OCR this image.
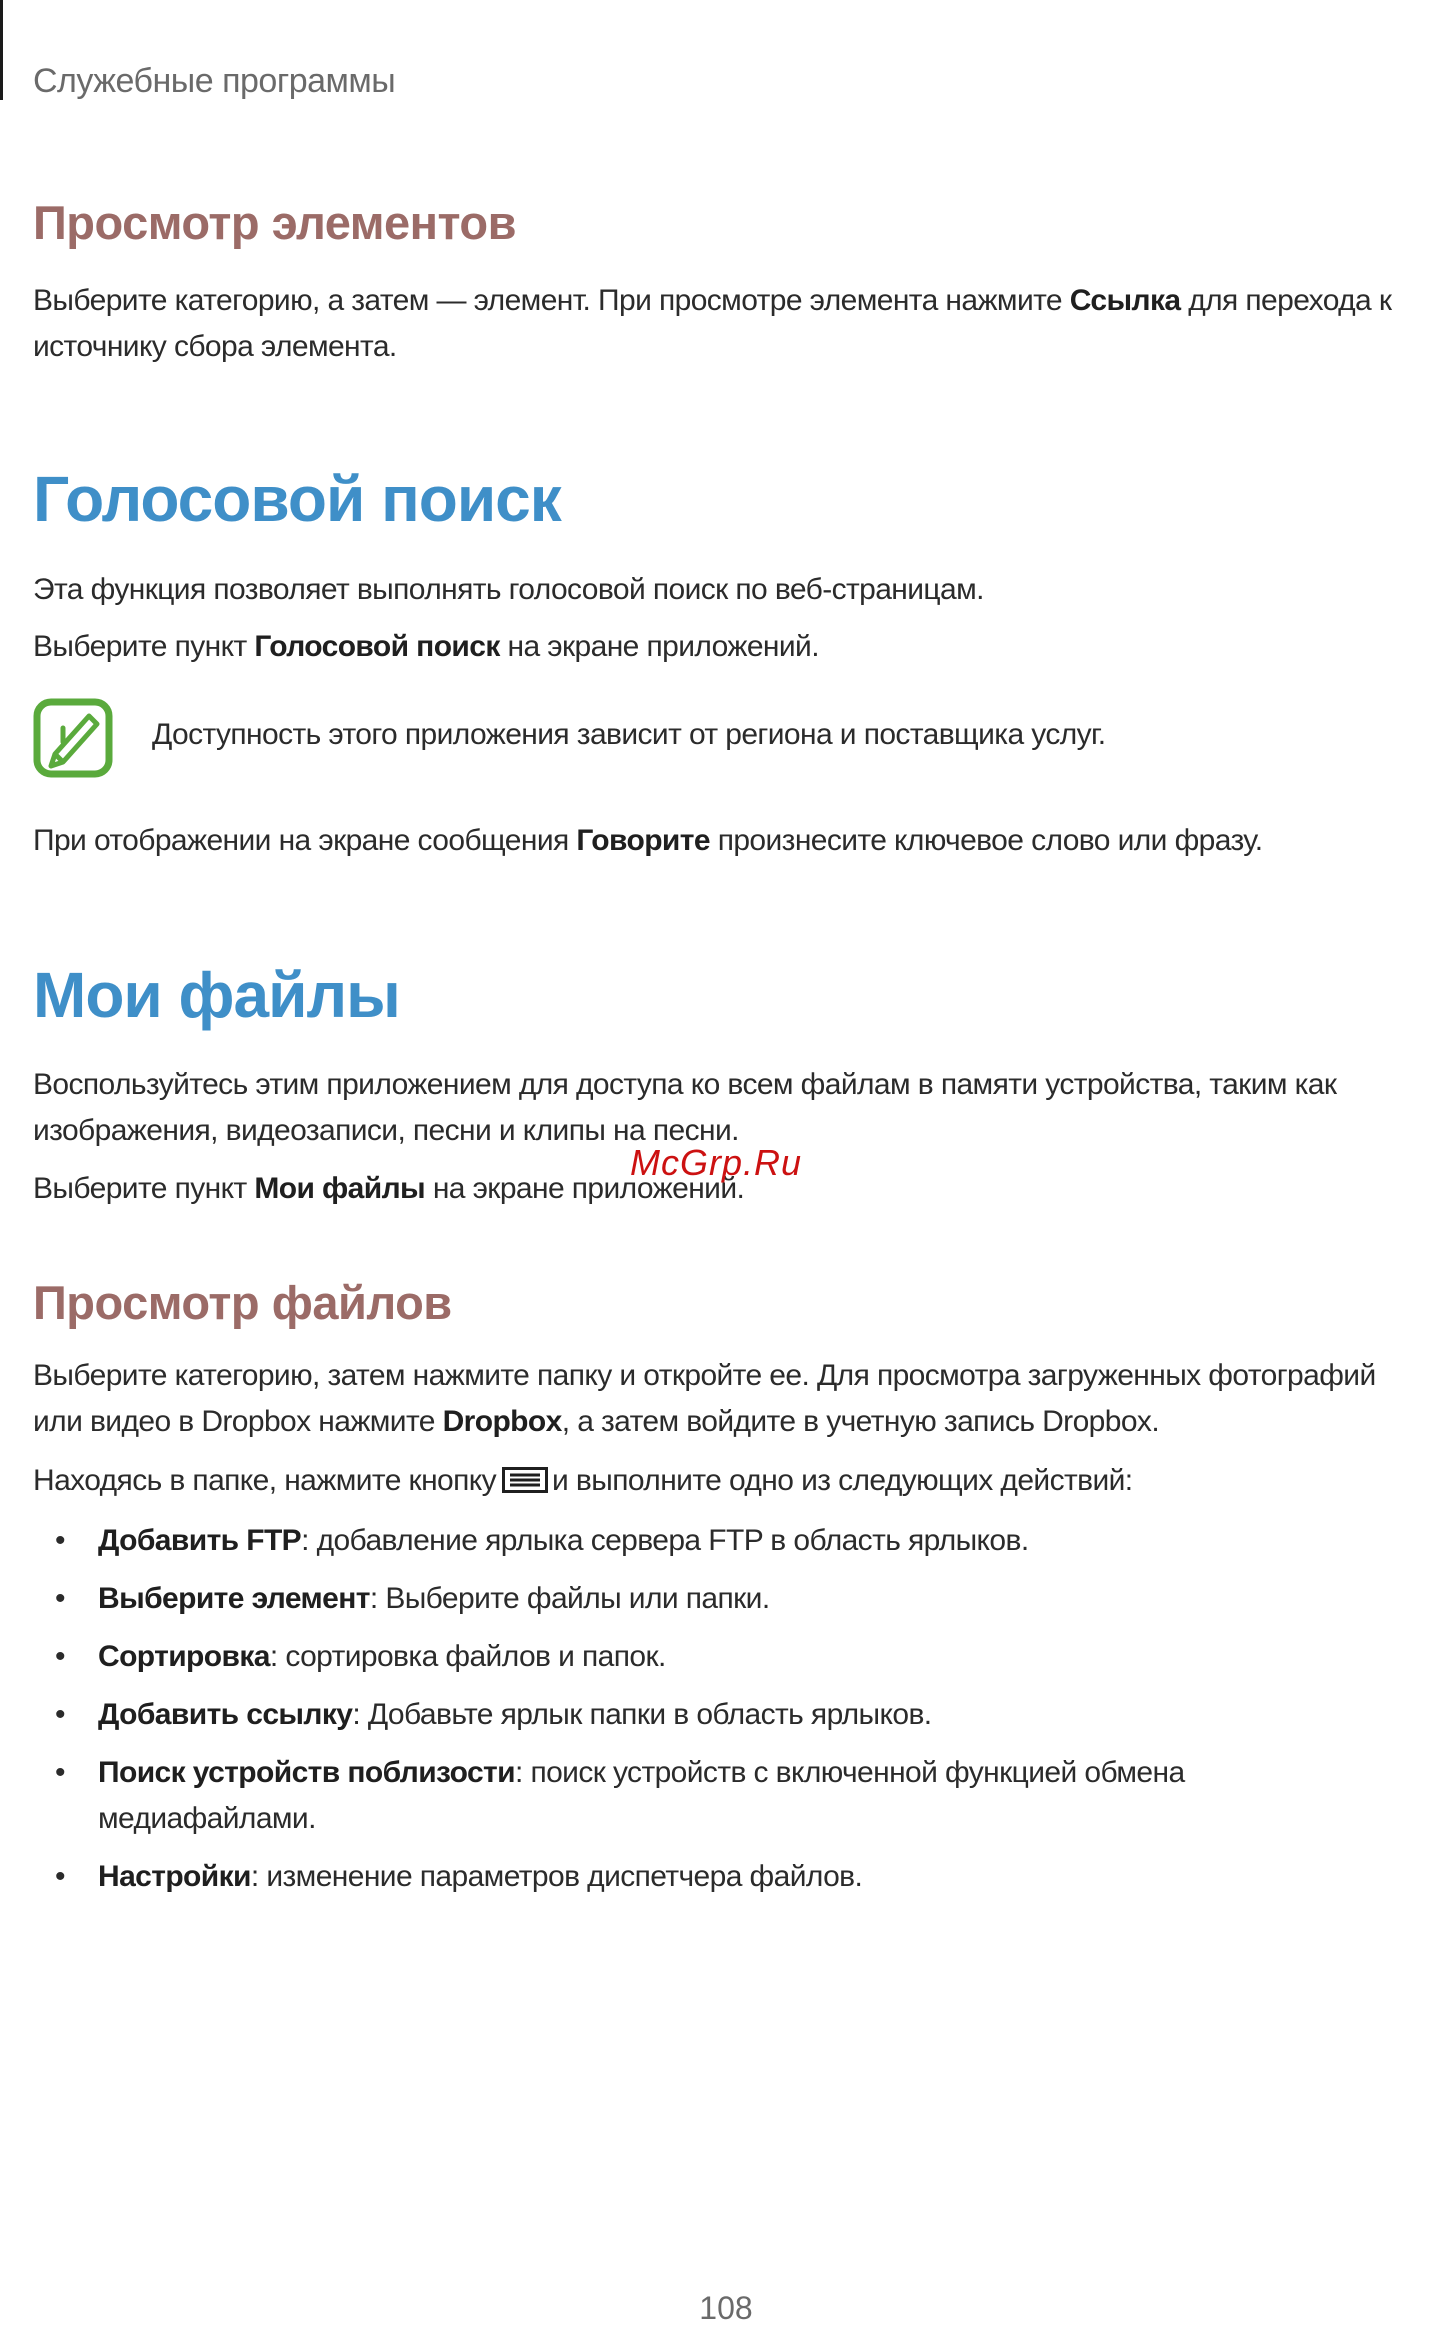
Служебные программы
Просмотр элементов
Выберите категорию, а затем — элемент. При просмотре элемента нажмите Ссылка для перехода к
источнику сбора элемента.
Голосовой поиск
Эта функция позволяет выполнять голосовой поиск по веб-страницам.
Выберите пункт Голосовой поиск на экране приложений.
Доступность этого приложения зависит от региона и поставщика услуг.
При отображении на экране сообщения Говорите произнесите ключевое слово или фразу.
Мои файлы
Воспользуйтесь этим приложением для доступа ко всем файлам в памяти устройства, таким как
изображения, видеозаписи, песни и клипы на песни.
Выберите пункт Мои файлы на экране приложений.
McGrp.Ru
Просмотр файлов
Выберите категорию, затем нажмите папку и откройте ее. Для просмотра загруженных фотографий
или видео в Dropbox нажмите Dropbox, а затем войдите в учетную запись Dropbox.
Находясь в папке, нажмите кнопку и выполните одно из следующих действий:
• Добавить FTP: добавление ярлыка сервера FTP в область ярлыков.
• Выберите элемент: Выберите файлы или папки.
• Сортировка: сортировка файлов и папок.
• Добавить ссылку: Добавьте ярлык папки в область ярлыков.
• Поиск устройств поблизости: поиск устройств с включенной функцией обмена
медиафайлами.
• Настройки: изменение параметров диспетчера файлов.
108
